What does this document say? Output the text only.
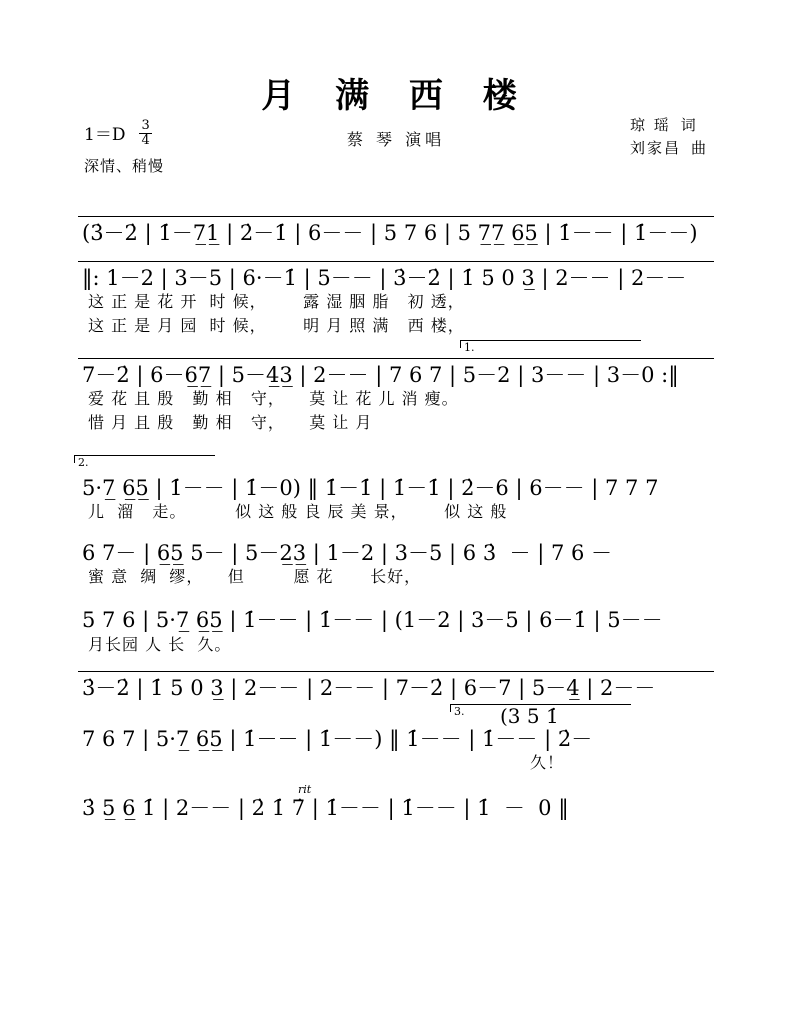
月 满 西 楼
蔡 琴 演唱
琼 瑶 词
刘家昌 曲
$1=D \frac{3}{4}$
深情、稍慢
(3̇－2̇ | 1̇－7̲1̲ | 2̇－1̇ | 6－－ | 5 7 6 | 5 7̲7̲ 6̲5̲ | 1̇－－ | 1̇－－)
‖: 1－2 | 3－5 | 6·－1̇ | 5－－ | 3̇－2̇ | 1̇ 5 0 3̲ | 2－－ | 2－－
这 正 是 花 开  时 候，      露 湿 胭 脂   初 透，
这 正 是 月 园  时 候，      明 月 照 满   西 楼，
1.
7－2̇ | 6－6̲7̲ | 5－4̲3̲ | 2－－ | 7 6 7 | 5－2 | 3－－ | 3－0 :‖
爱 花 且 殷   勤 相   守，    莫 让 花 儿 消 瘦。
惜 月 且 殷   勤 相   守，    莫 让 月
2.
5·7̲ 6̲5̲ | 1̇－－ | 1̇－0) ‖ 1̇－1̇ | 1̇－1̇ | 2̇－6 | 6－－ | 7 7 7
儿  溜   走。        似 这 般 良 辰 美 景，      似 这 般
6 7－ | 6̲5̲ 5－ | 5－2̲3̲ | 1－2 | 3－5 | 6 3̇  － | 7 6 －
蜜 意  绸  缪，    但        愿 花      长好，
5 7 6 | 5·7̲ 6̲5̲ | 1̇－－ | 1̇－－ | (1－2 | 3－5 | 6－1̇ | 5－－
月长园 人 长  久。
3̇－2̇ | 1̇ 5 0 3̲ | 2－－ | 2－－ | 7－2̇ | 6－7 | 5－4̲ | 2－－
3. (3 5 1̇
7 6 7 | 5·7̲ 6̲5̲ | 1̇－－ | 1̇－－) ‖ 1̇－－ | 1̇－－ | 2̇－
久！
rit
3̇ 5̲ 6̲ 1̇ | 2－－ | 2̇ 1̇ 7̇ | 1̇－－ | 1̇－－ | 1̇  －  0 ‖
